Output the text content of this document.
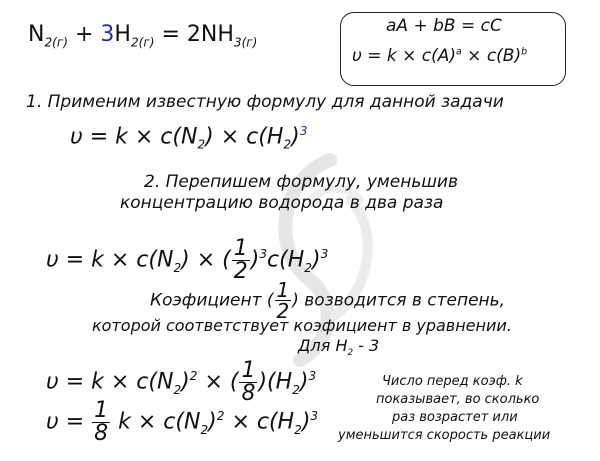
$N_{2(г)} + 3H_{2(г)} = 2NH_{3(г)}$
aA + bB = cC
$\upsilon = k \times c(A)^a \times c(B)^b$
1. Применим известную формулу для данной задачи
$\upsilon = k \times c(N_2) \times c(H_2)^3$
2. Перепишем формулу, уменьшив
концентрацию водорода в два раза
$\upsilon = k \times c(N_2)$ × ( $\frac{1}{2} )^3c(H_2)^3$
Коэфициент ( $\frac{1}{2}$ ) возводится в степень,
которой соответствует коэфициент в уравнении.
Для $H_2 - 3$
$\upsilon = k \times c(N_2)^2$ × ( $\frac{1}{8} )(H_2)^3$
$\upsilon = \frac{1}{8}$ $k \times c(N_2)^2 \times c(H_2)^3$
Число перед коэф. k
показывает, во сколько
раз возрастет или
уменьшится скорость реакции
